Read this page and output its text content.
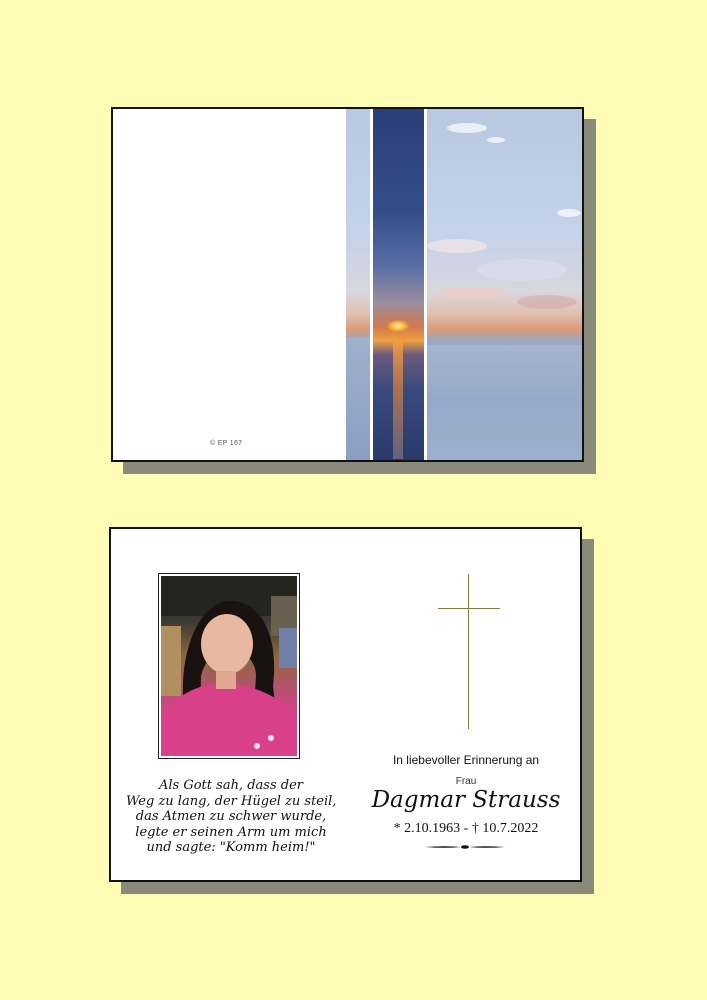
© EP 167
Als Gott sah, dass der
Weg zu lang, der Hügel zu steil,
das Atmen zu schwer wurde,
legte er seinen Arm um mich
und sagte: "Komm heim!"
In liebevoller Erinnerung an
Frau
Dagmar Strauss
* 2.10.1963 - † 10.7.2022
